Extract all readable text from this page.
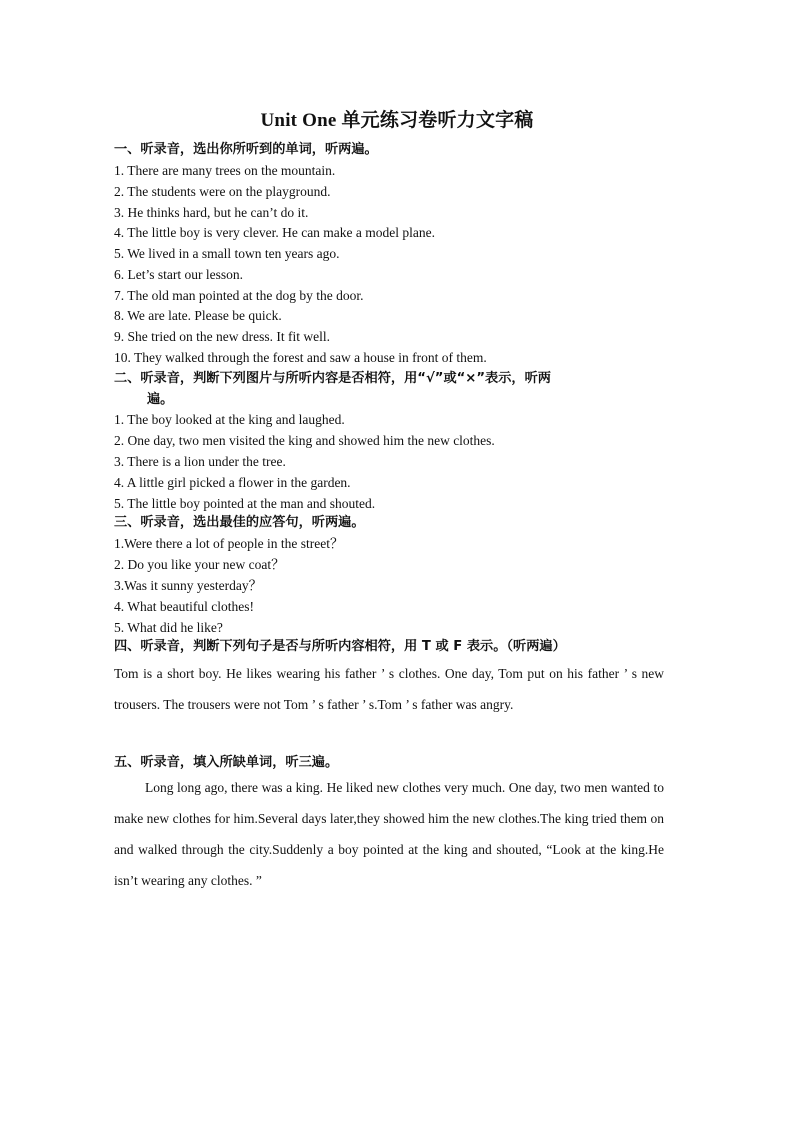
Unit One 单元练习卷听力文字稿
一、听录音，选出你所听到的单词，听两遍。
1. There are many trees on the mountain.
2. The students were on the playground.
3. He thinks hard, but he can’t do it.
4. The little boy is very clever. He can make a model plane.
5. We lived in a small town ten years ago.
6. Let’s start our lesson.
7. The old man pointed at the dog by the door.
8. We are late. Please be quick.
9. She tried on the new dress. It fit well.
10. They walked through the forest and saw a house in front of them.
二、听录音，判断下列图片与所听内容是否相符，用“√”或“×”表示，听两
遍。
1. The boy looked at the king and laughed.
2. One day, two men visited the king and showed him the new clothes.
3. There is a lion under the tree.
4. A little girl picked a flower in the garden.
5. The little boy pointed at the man and shouted.
三、听录音，选出最佳的应答句，听两遍。
1.Were there a lot of people in the street？
2. Do you like your new coat？
3.Was it sunny yesterday？
4. What beautiful clothes!
5. What did he like?
四、听录音，判断下列句子是否与所听内容相符，用 T 或 F 表示。（听两遍）
Tom is a short boy. He likes wearing his father ’ s clothes. One day, Tom put on his father ’ s new trousers. The trousers were not Tom ’ s father ’ s.Tom ’ s father was angry.
五、听录音，填入所缺单词，听三遍。
Long long ago, there was a king. He liked new clothes very much. One day, two men wanted to make new clothes for him.Several days later,they showed him the new clothes.The king tried them on and walked through the city.Suddenly a boy pointed at the king and shouted, “Look at the king.He isn’t wearing any clothes. ”
